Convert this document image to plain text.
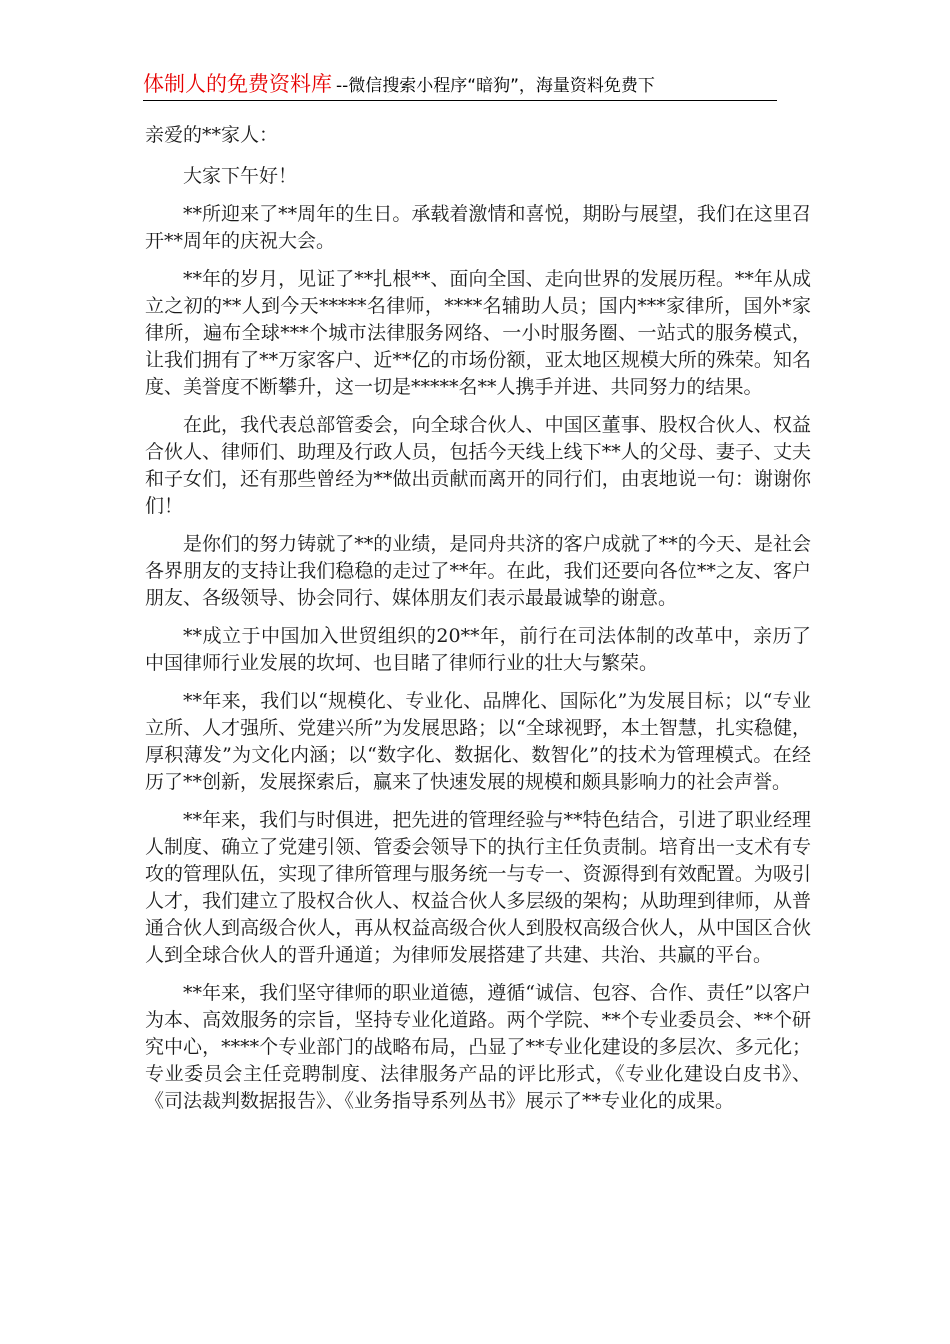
体制人的免费资料库 --微信搜索小程序“暗狗”，海量资料免费下

亲爱的**家人：

大家下午好！

**所迎来了**周年的生日。承载着激情和喜悦，期盼与展望，我们在这里召开**周年的庆祝大会。

**年的岁月，见证了**扎根**、面向全国、走向世界的发展历程。**年从成立之初的**人到今天*****名律师，****名辅助人员；国内***家律所，国外*家律所，遍布全球***个城市法律服务网络、一小时服务圈、一站式的服务模式，让我们拥有了**万家客户、近**亿的市场份额，亚太地区规模大所的殊荣。知名度、美誉度不断攀升，这一切是*****名**人携手并进、共同努力的结果。

在此，我代表总部管委会，向全球合伙人、中国区董事、股权合伙人、权益合伙人、律师们、助理及行政人员，包括今天线上线下**人的父母、妻子、丈夫和子女们，还有那些曾经为**做出贡献而离开的同行们，由衷地说一句：谢谢你们！

是你们的努力铸就了**的业绩，是同舟共济的客户成就了**的今天、是社会各界朋友的支持让我们稳稳的走过了**年。在此，我们还要向各位**之友、客户朋友、各级领导、协会同行、媒体朋友们表示最最诚挚的谢意。

**成立于中国加入世贸组织的20**年，前行在司法体制的改革中，亲历了中国律师行业发展的坎坷、也目睹了律师行业的壮大与繁荣。

**年来，我们以“规模化、专业化、品牌化、国际化”为发展目标；以“专业立所、人才强所、党建兴所”为发展思路；以“全球视野，本土智慧，扎实稳健，厚积薄发”为文化内涵；以“数字化、数据化、数智化”的技术为管理模式。在经历了**创新，发展探索后，赢来了快速发展的规模和颇具影响力的社会声誉。

**年来，我们与时俱进，把先进的管理经验与**特色结合，引进了职业经理人制度、确立了党建引领、管委会领导下的执行主任负责制。培育出一支术有专攻的管理队伍，实现了律所管理与服务统一与专一、资源得到有效配置。为吸引人才，我们建立了股权合伙人、权益合伙人多层级的架构；从助理到律师，从普通合伙人到高级合伙人，再从权益高级合伙人到股权高级合伙人，从中国区合伙人到全球合伙人的晋升通道；为律师发展搭建了共建、共治、共赢的平台。

**年来，我们坚守律师的职业道德，遵循“诚信、包容、合作、责任”以客户为本、高效服务的宗旨，坚持专业化道路。两个学院、**个专业委员会、**个研究中心，****个专业部门的战略布局，凸显了**专业化建设的多层次、多元化；专业委员会主任竞聘制度、法律服务产品的评比形式，《专业化建设白皮书》、《司法裁判数据报告》、《业务指导系列丛书》展示了**专业化的成果。
